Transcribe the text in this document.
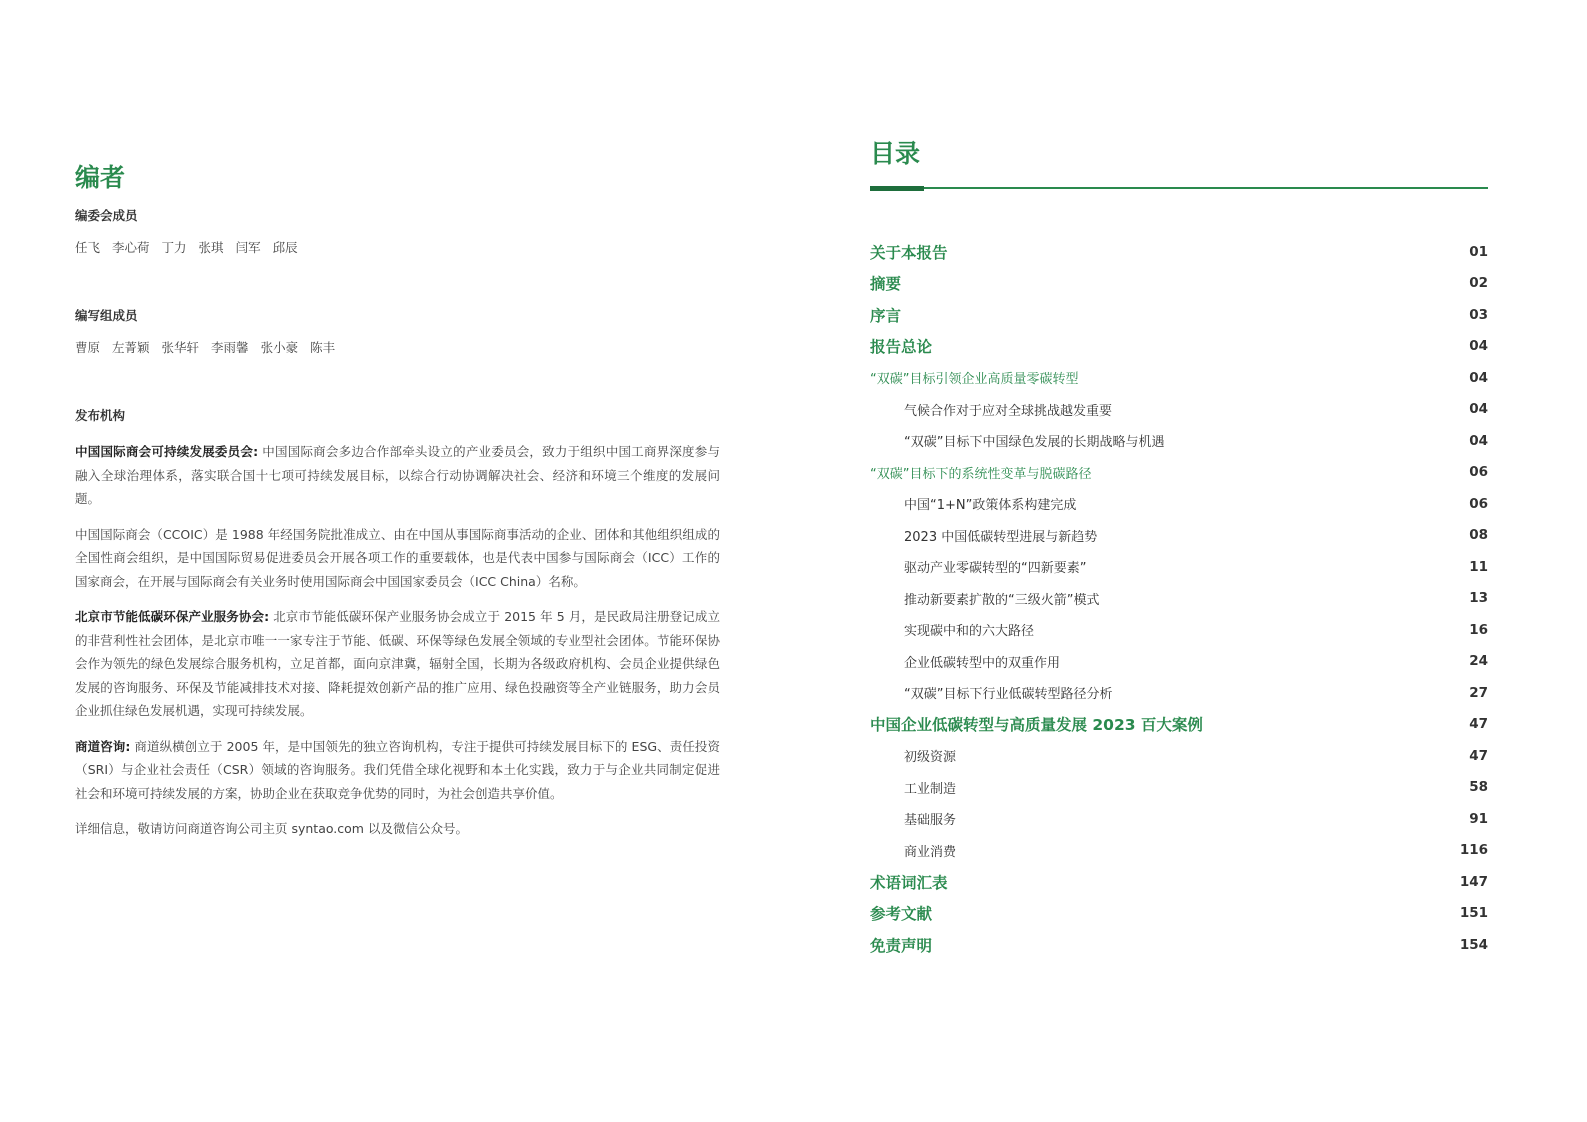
编者
编委会成员
任飞 李心荷 丁力 张琪 闫军 邱辰
编写组成员
曹原 左菁颖 张华轩 李雨馨 张小豪 陈丰
发布机构

中国国际商会可持续发展委员会: 中国国际商会多边合作部牵头设立的产业委员会，致力于组织中国工商界深度参与融入全球治理体系，落实联合国十七项可持续发展目标，以综合行动协调解决社会、经济和环境三个维度的发展问题。

中国国际商会（CCOIC）是 1988 年经国务院批准成立、由在中国从事国际商事活动的企业、团体和其他组织组成的全国性商会组织，是中国国际贸易促进委员会开展各项工作的重要载体，也是代表中国参与国际商会（ICC）工作的国家商会，在开展与国际商会有关业务时使用国际商会中国国家委员会（ICC China）名称。

北京市节能低碳环保产业服务协会: 北京市节能低碳环保产业服务协会成立于 2015 年 5 月，是民政局注册登记成立的非营利性社会团体，是北京市唯一一家专注于节能、低碳、环保等绿色发展全领域的专业型社会团体。节能环保协会作为领先的绿色发展综合服务机构，立足首都，面向京津冀，辐射全国，长期为各级政府机构、会员企业提供绿色发展的咨询服务、环保及节能减排技术对接、降耗提效创新产品的推广应用、绿色投融资等全产业链服务，助力会员企业抓住绿色发展机遇，实现可持续发展。

商道咨询: 商道纵横创立于 2005 年，是中国领先的独立咨询机构，专注于提供可持续发展目标下的 ESG、责任投资（SRI）与企业社会责任（CSR）领域的咨询服务。我们凭借全球化视野和本土化实践，致力于与企业共同制定促进社会和环境可持续发展的方案，协助企业在获取竞争优势的同时，为社会创造共享价值。

详细信息，敬请访问商道咨询公司主页 syntao.com 以及微信公众号。

目录
关于本报告	01
摘要	02
序言	03
报告总论	04
“双碳”目标引领企业高质量零碳转型	04
气候合作对于应对全球挑战越发重要	04
“双碳”目标下中国绿色发展的长期战略与机遇	04
“双碳”目标下的系统性变革与脱碳路径	06
中国“1+N”政策体系构建完成	06
2023 中国低碳转型进展与新趋势	08
驱动产业零碳转型的“四新要素”	11
推动新要素扩散的“三级火箭”模式	13
实现碳中和的六大路径	16
企业低碳转型中的双重作用	24
“双碳”目标下行业低碳转型路径分析	27
中国企业低碳转型与高质量发展 2023 百大案例	47
初级资源	47
工业制造	58
基础服务	91
商业消费	116
术语词汇表	147
参考文献	151
免责声明	154
